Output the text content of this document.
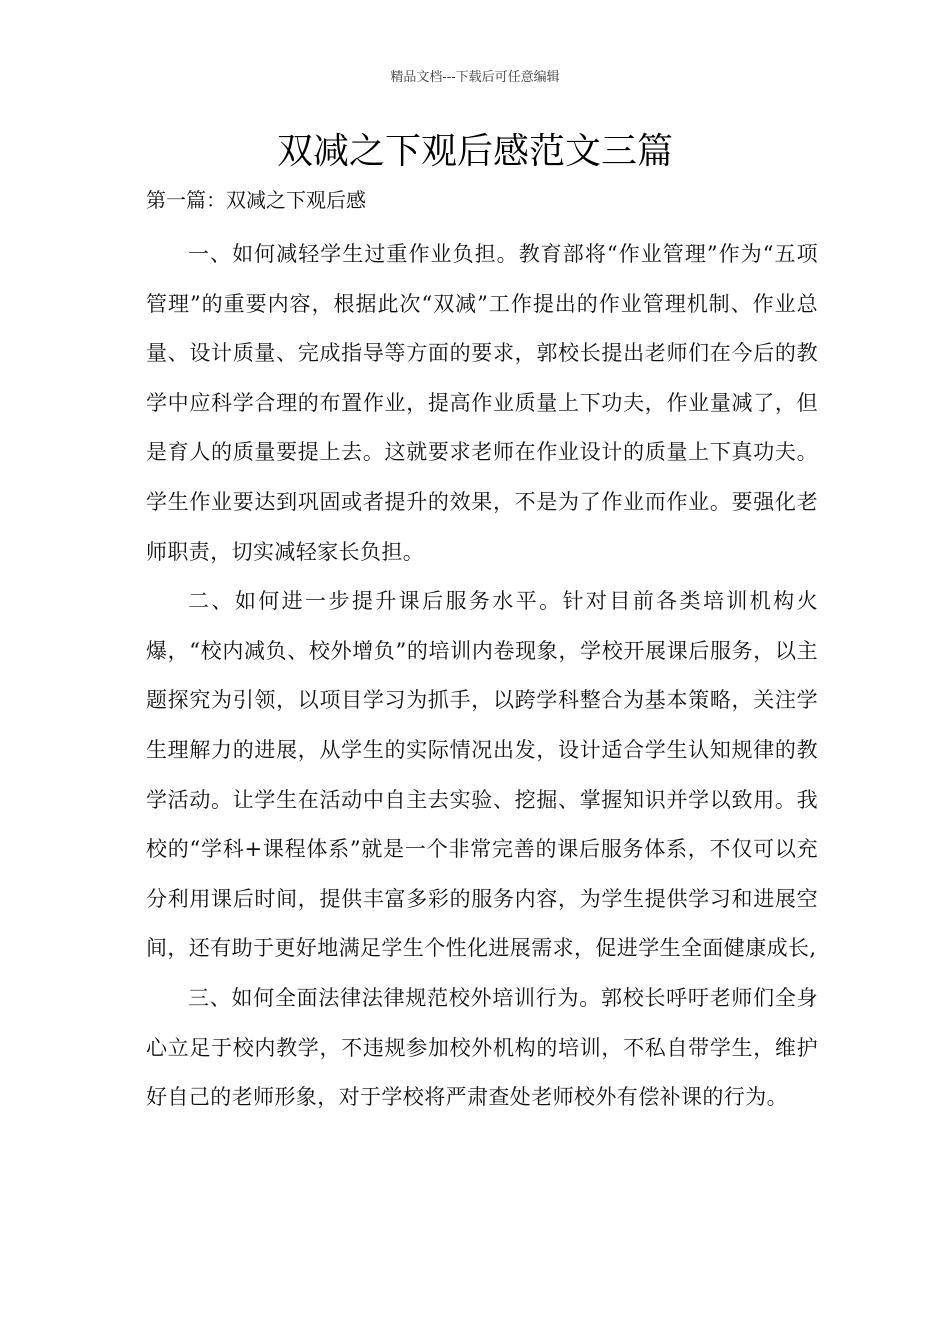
精品文档---下载后可任意编辑
双减之下观后感范文三篇
第一篇：双减之下观后感

一、如何减轻学生过重作业负担。教育部将“作业管理”作为“五项管理”的重要内容，根据此次“双减”工作提出的作业管理机制、作业总量、设计质量、完成指导等方面的要求，郭校长提出老师们在今后的教学中应科学合理的布置作业，提高作业质量上下功夫，作业量减了，但是育人的质量要提上去。这就要求老师在作业设计的质量上下真功夫。学生作业要达到巩固或者提升的效果，不是为了作业而作业。要强化老师职责，切实减轻家长负担。

二、如何进一步提升课后服务水平。针对目前各类培训机构火爆，“校内减负、校外增负”的培训内卷现象，学校开展课后服务，以主题探究为引领，以项目学习为抓手，以跨学科整合为基本策略，关注学生理解力的进展，从学生的实际情况出发，设计适合学生认知规律的教学活动。让学生在活动中自主去实验、挖掘、掌握知识并学以致用。我校的“学科+课程体系”就是一个非常完善的课后服务体系，不仅可以充分利用课后时间，提供丰富多彩的服务内容，为学生提供学习和进展空间，还有助于更好地满足学生个性化进展需求，促进学生全面健康成长,

三、如何全面法律法律规范校外培训行为。郭校长呼吁老师们全身心立足于校内教学，不违规参加校外机构的培训，不私自带学生，维护好自己的老师形象，对于学校将严肃查处老师校外有偿补课的行为。
